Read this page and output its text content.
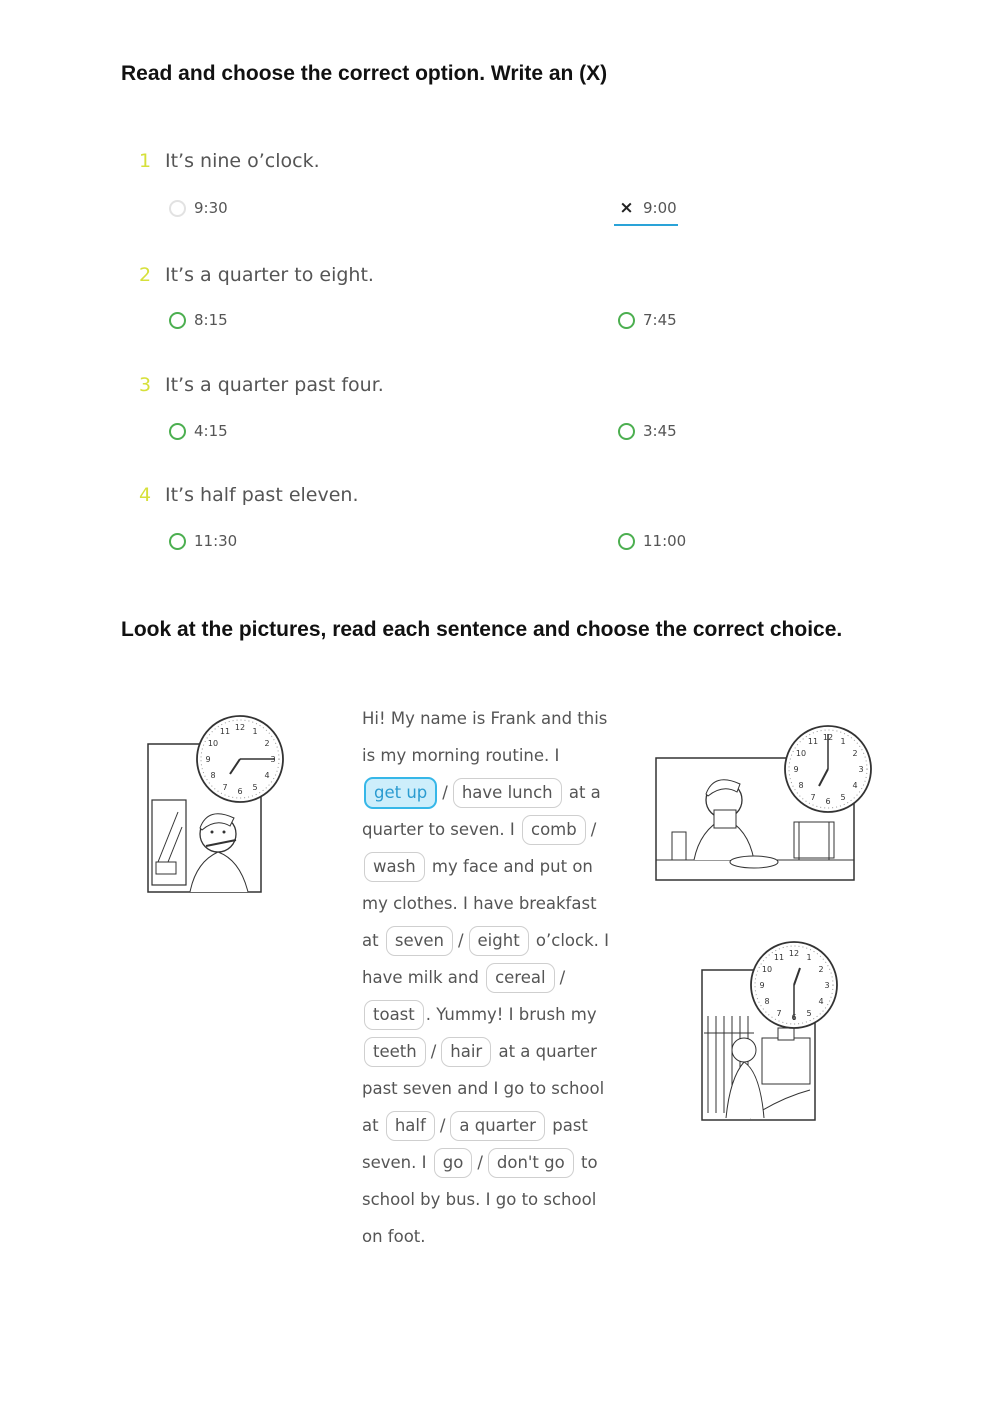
Read and choose the correct option. Write an (X)
1 It’s nine o’clock.
9:30	× 9:00
2 It’s a quarter to eight.
8:15	7:45
3 It’s a quarter past four.
4:15	3:45
4 It’s half past eleven.
11:30	11:00
Look at the pictures, read each sentence and choose the correct choice.
12 1
2
3
4
5
6
7
8
9
10
11
12 1
2
3
4
5
6
7
8
9
10
11
12 1
2
3
4
5
6
7
8
9
10
11
Hi! My name is Frank and this is my morning routine. I get up / have lunch at a quarter to seven. I comb /wash my face and put on my clothes. I have breakfast at seven / eight o’clock. I have milk and cereal /toast . Yummy! I brush my teeth / hair at a quarter past seven and I go to school at half / a quarter past seven. I go / don't go to school by bus. I go to school on foot.
